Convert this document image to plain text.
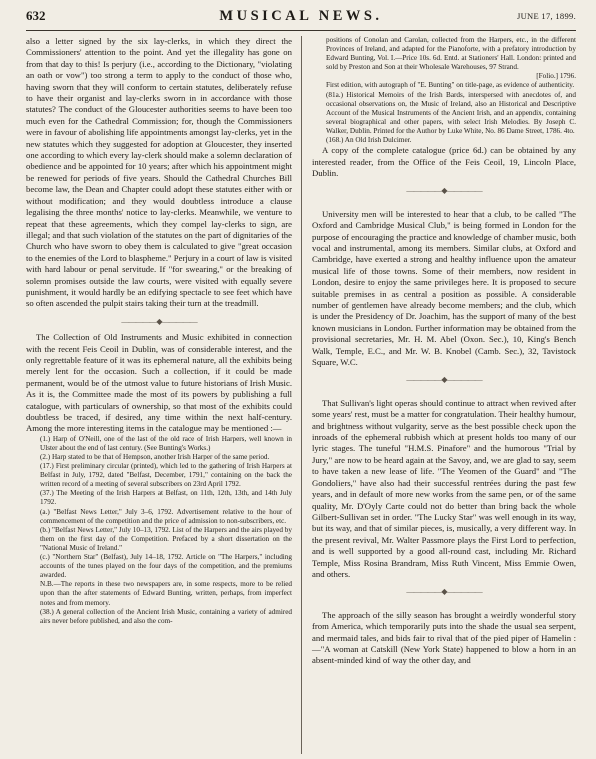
632	MUSICAL NEWS.	JUNE 17, 1899.

also a letter signed by the six lay-clerks, in which they direct the Commissioners' attention to the point. And yet the illegality has gone on from that day to this! Is perjury (i.e., according to the Dictionary, "violating an oath or vow") too strong a term to apply to the conduct of those who, having sworn that they will conform to certain statutes, deliberately refuse to have their organist and lay-clerks sworn in in accordance with those statutes? The conduct of the Gloucester authorities seems to have been too much even for the Cathedral Commission; for, though the Commissioners were in favour of abolishing life appointments amongst lay-clerks, yet in the new statutes which they suggested for adoption at Gloucester, they inserted one according to which every lay-clerk should make a solemn declaration of obedience and be appointed for 10 years; after which his appointment might be renewed for periods of five years. Should the Cathedral Churches Bill become law, the Dean and Chapter could adopt these statutes either with or without modification; and they would doubtless introduce a clause legalising the three months' notice to lay-clerks. Meanwhile, we venture to repeat that these agreements, which they compel lay-clerks to sign, are illegal; and that such violation of the statutes on the part of dignitaries of the Church who have sworn to obey them is calculated to give "great occasion to the enemies of the Lord to blaspheme." Perjury in a court of law is visited with hard labour or penal servitude. If "for swearing," or the breaking of solemn promises outside the law courts, were visited with equally severe punishment, it would hardly be an edifying spectacle to see feet which have so often ascended the pulpit stairs taking their turn at the treadmill.

—————◆—————

The Collection of Old Instruments and Music exhibited in connection with the recent Feis Ceoil in Dublin, was of considerable interest, and the only regrettable feature of it was its ephemeral nature, all the exhibits being merely lent for the occasion. Such a collection, if it could be made permanent, would be of the utmost value to future historians of Irish Music. As it is, the Committee made the most of its powers by publishing a full catalogue, with particulars of ownership, so that most of the exhibits could doubtless be traced, if desired, any time within the next half-century. Among the more interesting items in the catalogue may be mentioned :—

(1.) Harp of O'Neill, one of the last of the old race of Irish Harpers, well known in Ulster about the end of last century. (See Bunting's Works.)

(2.) Harp stated to be that of Hempson, another Irish Harper of the same period.

(17.) First preliminary circular (printed), which led to the gathering of Irish Harpers at Belfast in July, 1792, dated "Belfast, December, 1791," containing on the back the written record of a meeting of several subscribers on 23rd April 1792.

(37.) The Meeting of the Irish Harpers at Belfast, on 11th, 12th, 13th, and 14th July 1792.

(a.) "Belfast News Letter," July 3–6, 1792. Advertisement relative to the hour of commencement of the competition and the price of admission to non-subscribers, etc.

(b.) "Belfast News Letter," July 10–13, 1792. List of the Harpers and the airs played by them on the first day of the Competition. Prefaced by a short dissertation on the "National Music of Ireland."

(c.) "Northern Star" (Belfast), July 14–18, 1792. Article on "The Harpers," including accounts of the tunes played on the four days of the competition, and the premiums awarded.

N.B.—The reports in these two newspapers are, in some respects, more to be relied upon than the after statements of Edward Bunting, written, perhaps, from imperfect notes and from memory.

(38.) A general collection of the Ancient Irish Music, containing a variety of admired airs never before published, and also the com-

positions of Conolan and Carolan, collected from the Harpers, etc., in the different Provinces of Ireland, and adapted for the Pianoforte, with a prefatory introduction by Edward Bunting, Vol. I.—Price 10s. 6d. Entd. at Stationers' Hall. London: printed and sold by Preston and Son at their Wholesale Warehouses, 97 Strand.

[Folio.] 1796.

First edition, with autograph of "E. Bunting" on title-page, as evidence of authenticity.

(81a.) Historical Memoirs of the Irish Bards, interspersed with anecdotes of, and occasional observations on, the Music of Ireland, also an Historical and Descriptive Account of the Musical Instruments of the Ancient Irish, and an appendix, containing several biographical and other papers, with select Irish Melodies. By Joseph C. Walker, Dublin. Printed for the Author by Luke White, No. 86 Dame Street, 1786. 4to.

(168.) An Old Irish Dulcimer.

A copy of the complete catalogue (price 6d.) can be obtained by any interested reader, from the Office of the Feis Ceoil, 19, Lincoln Place, Dublin.

—————◆—————

University men will be interested to hear that a club, to be called "The Oxford and Cambridge Musical Club," is being formed in London for the purpose of encouraging the practice and knowledge of chamber music, both vocal and instrumental, among its members. Similar clubs, at Oxford and Cambridge, have exerted a strong and healthy influence upon the amateur musical life of those towns. Some of their members, now resident in London, desire to enjoy the same privileges here. It is proposed to secure suitable premises in as central a position as possible. A considerable number of gentlemen have already become members; and the club, which is under the Presidency of Dr. Joachim, has the support of many of the best known musicians in London. Further information may be obtained from the provisional secretaries, Mr. H. M. Abel (Oxon. Sec.), 10, King's Bench Walk, Temple, E.C., and Mr. W. B. Knobel (Camb. Sec.), 32, Tavistock Square, W.C.

—————◆—————

That Sullivan's light operas should continue to attract when revived after some years' rest, must be a matter for congratulation. Their healthy humour, and brightness without vulgarity, serve as the best possible check upon the inroads of the ephemeral rubbish which at present holds too many of our lyric stages. The tuneful "H.M.S. Pinafore" and the humorous "Trial by Jury," are now to be heard again at the Savoy, and, we are glad to say, seem to have taken a new lease of life. "The Yeomen of the Guard" and "The Gondoliers," have also had their successful rentrées during the past few years, and in default of more new works from the same pen, or of the same quality, Mr. D'Oyly Carte could not do better than bring back the whole Gilbert-Sullivan set in order. "The Lucky Star" was well enough in its way, but its way, and that of similar pieces, is, musically, a very different way. In the present revival, Mr. Walter Passmore plays the First Lord to perfection, and is well supported by a good all-round cast, including Mr. Richard Temple, Miss Rosina Brandram, Miss Ruth Vincent, Miss Emmie Owen, and others.

—————◆—————

The approach of the silly season has brought a weirdly wonderful story from America, which temporarily puts into the shade the usual sea serpent, and mermaid tales, and bids fair to rival that of the pied piper of Hamelin :—"A woman at Catskill (New York State) happened to blow a horn in an absent-minded kind of way the other day, and
